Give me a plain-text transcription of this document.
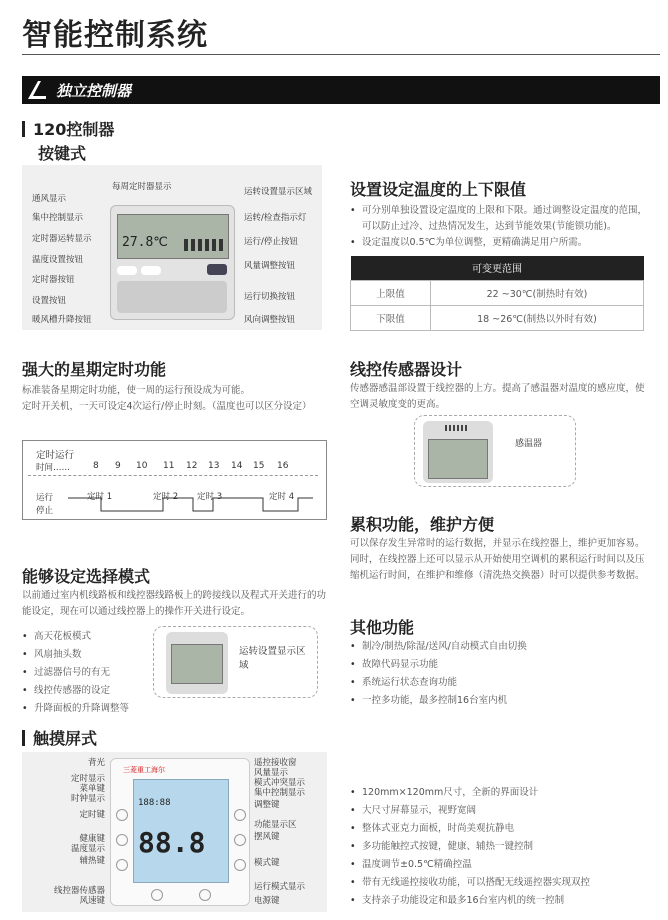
智能控制系统
独立控制器
120控制器
按键式
27.8℃
通风显示
集中控制显示
定时器运转显示
温度设置按钮
定时器按钮
设置按钮
暖风槽升降按钮
每周定时器显示	运转设置显示区域
运转/检查指示灯
运行/停止按钮
风量调整按钮
运行切换按钮
风向调整按钮
强大的星期定时功能
标准装备星期定时功能，使一周的运行预设成为可能。
定时开关机，一天可设定4次运行/停止时刻。（温度也可以区分设定）
定时运行
时间……	8 9 10 11 12 13 14 15 16
运行
停止
定时 1	定时 2 定时 3	定时 4
能够设定选择模式
以前通过室内机线路板和线控器线路板上的跨接线以及程式开关进行的功能设定，现在可以通过线控器上的操作开关进行设定。
• 高天花板模式
• 风扇抽头数
• 过滤器信号的有无
• 线控传感器的设定
• 升降面板的升降调整等
运转设置显示区域
设置设定温度的上下限值
• 可分别单独设置设定温度的上限和下限。通过调整设定温度的范围，可以防止过冷、过热情况发生，达到节能效果(节能锁功能)。
• 设定温度以0.5℃为单位调整，更精确满足用户所需。
可变更范围	
上限值	22 ~30℃(制热时有效)
下限值	18 ~26℃(制热以外时有效)
线控传感器设计
传感器感温部设置于线控器的上方。提高了感温器对温度的感应度，使空调灵敏度变的更高。
感温器
累积功能，维护方便
可以保存发生异常时的运行数据，并显示在线控器上，维护更加容易。同时，在线控器上还可以显示从开始使用空调机的累积运行时间以及压缩机运行时间，在维护和维修（清洗热交换器）时可以提供参考数据。
其他功能
• 制冷/制热/除湿/送风/自动模式自由切换
• 故障代码显示功能
• 系统运行状态查询功能
• 一控多功能，最多控制16台室内机
触摸屏式
三菱重工海尔
188:88
88.8
背光
定时显示
菜单键
时钟显示
定时键
健康键
温度显示
辅热键
线控器传感器
风速键
遥控接收窗
风量显示
模式冲突显示
集中控制显示
调整键
功能显示区
摆风键
模式键
运行模式显示
电源键
• 120mm×120mm尺寸，全新的界面设计
• 大尺寸屏幕显示，视野宽阔
• 整体式亚克力面板，时尚美观抗静电
• 多功能触控式按键，健康、辅热一键控制
• 温度调节±0.5℃精确控温
• 带有无线遥控接收功能，可以搭配无线遥控器实现双控
• 支持亲子功能设定和最多16台室内机的统一控制
